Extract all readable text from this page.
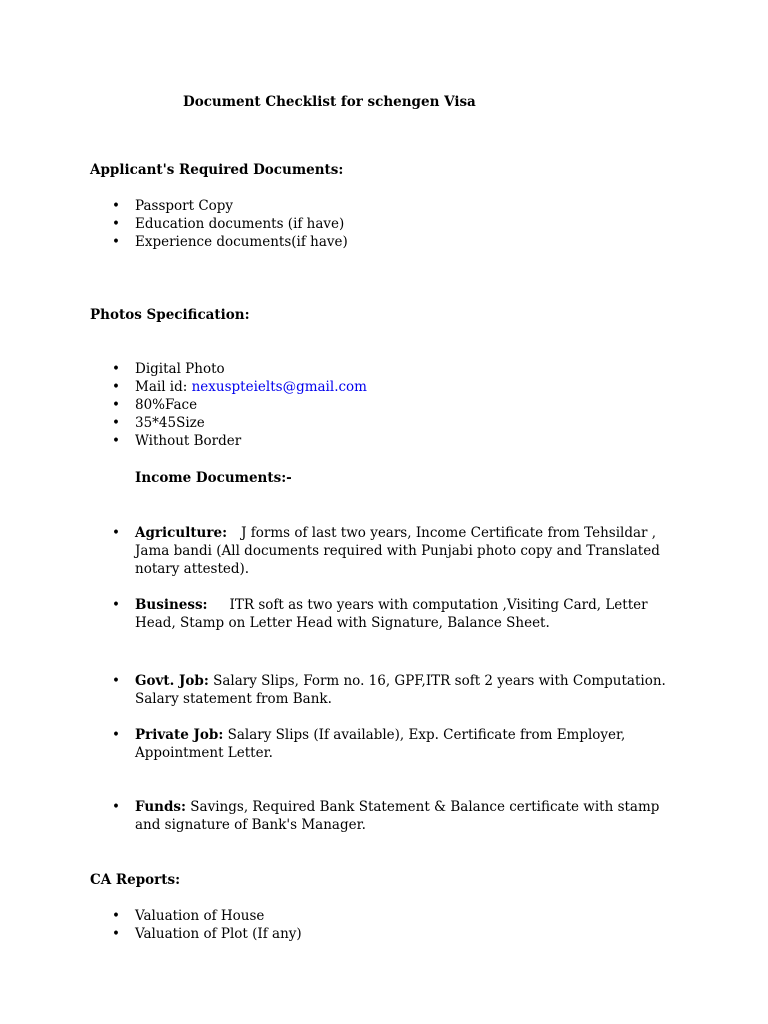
Document Checklist for schengen Visa
Applicant's Required Documents:
• Passport Copy
• Education documents (if have)
• Experience documents(if have)
Photos Specification:
• Digital Photo
• Mail id: nexuspteielts@gmail.com
• 80%Face
• 35*45Size
• Without Border
Income Documents:-
• Agriculture: J forms of last two years, Income Certificate from Tehsildar , Jama bandi (All documents required with Punjabi photo copy and Translated notary attested).
• Business: ITR soft as two years with computation ,Visiting Card, Letter Head, Stamp on Letter Head with Signature, Balance Sheet.
• Govt. Job: Salary Slips, Form no. 16, GPF,ITR soft 2 years with Computation. Salary statement from Bank.
• Private Job: Salary Slips (If available), Exp. Certificate from Employer, Appointment Letter.
• Funds: Savings, Required Bank Statement & Balance certificate with stamp
and signature of Bank's Manager.
CA Reports:
• Valuation of House
• Valuation of Plot (If any)
